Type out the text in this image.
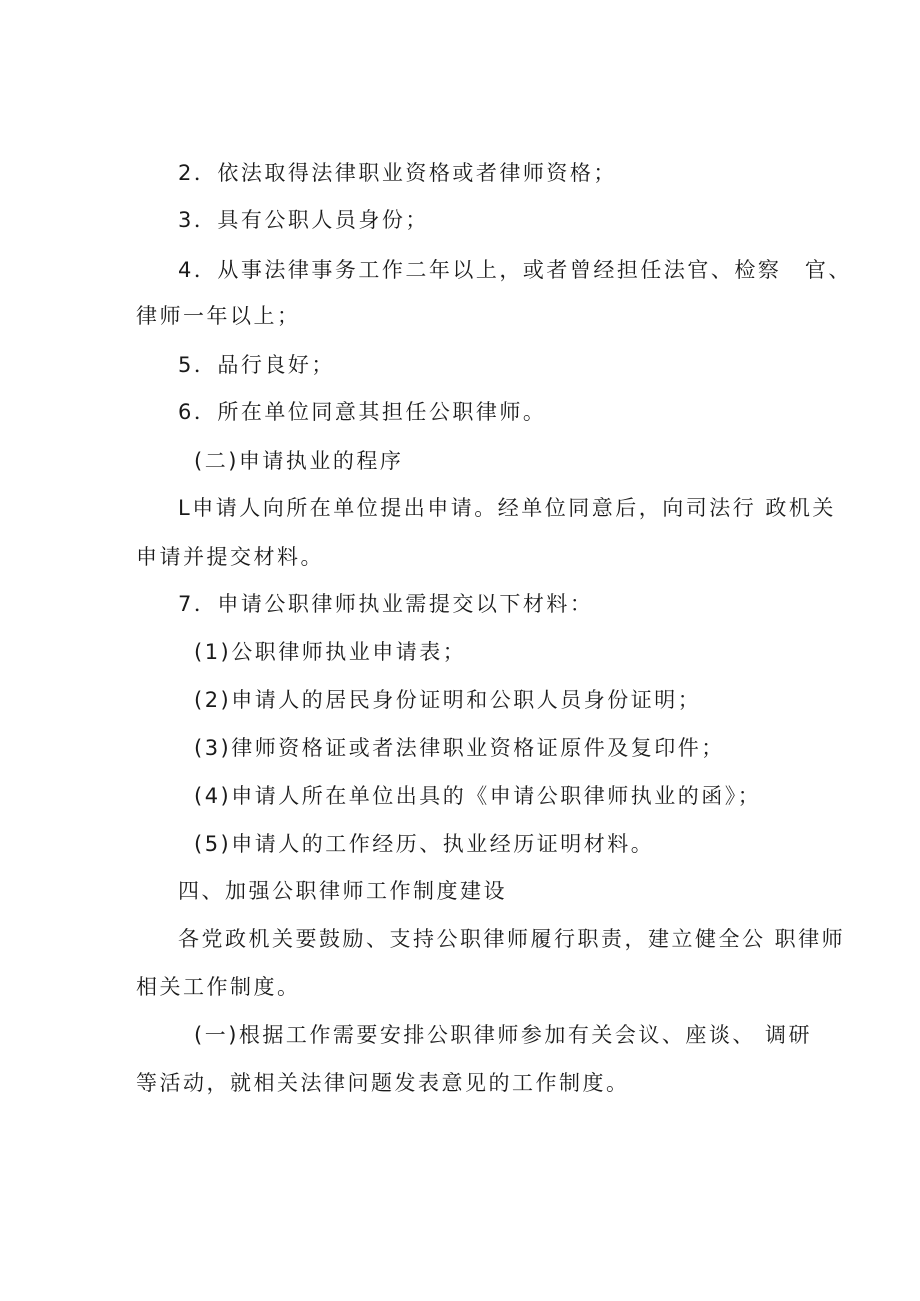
2．依法取得法律职业资格或者律师资格；
3．具有公职人员身份；
4．从事法律事务工作二年以上，或者曾经担任法官、检察　官、
律师一年以上；
5．品行良好；
6．所在单位同意其担任公职律师。
(二)申请执业的程序
L申请人向所在单位提出申请。经单位同意后，向司法行 政机关
申请并提交材料。
7．申请公职律师执业需提交以下材料：
(1)公职律师执业申请表；
(2)申请人的居民身份证明和公职人员身份证明；
(3)律师资格证或者法律职业资格证原件及复印件；
(4)申请人所在单位出具的《申请公职律师执业的函》；
(5)申请人的工作经历、执业经历证明材料。
四、加强公职律师工作制度建设
各党政机关要鼓励、支持公职律师履行职责，建立健全公 职律师
相关工作制度。
(一)根据工作需要安排公职律师参加有关会议、座谈、 调研
等活动，就相关法律问题发表意见的工作制度。
